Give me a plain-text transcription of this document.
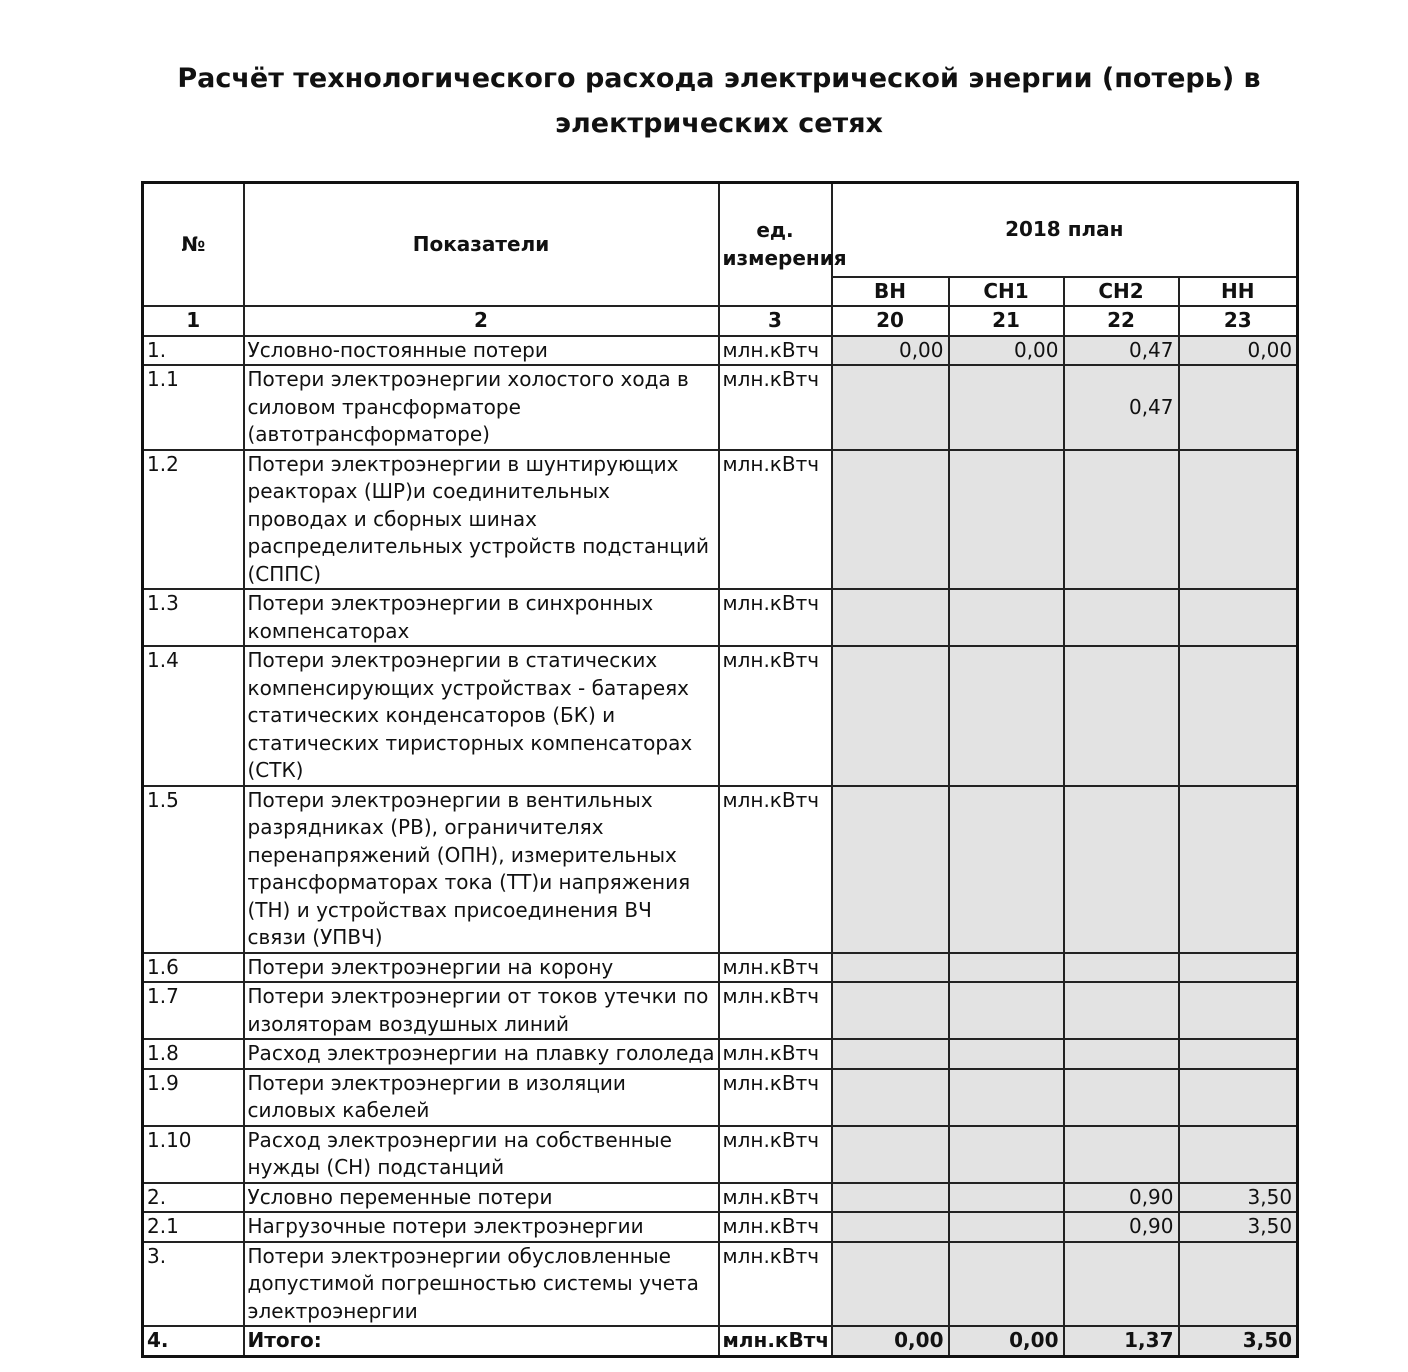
Расчёт технологического расхода электрической энергии (потерь) в
электрических сетях
№	Показатели	ед. измерения	2018 план			
			ВН	СН1	СН2	НН
1	2	3	20	21	22	23
1.	Условно-постоянные потери	млн.кВтч	0,00	0,00	0,47	0,00
1.1	Потери электроэнергии холостого хода в силовом трансформаторе (автотрансформаторе)	млн.кВтч			0,47	
1.2	Потери электроэнергии в шунтирующих реакторах (ШР)и соединительных проводах и сборных шинах распределительных устройств подстанций (СППС)	млн.кВтч				
1.3	Потери электроэнергии в синхронных компенсаторах	млн.кВтч				
1.4	Потери электроэнергии в статических компенсирующих устройствах - батареях статических конденсаторов (БК) и статических тиристорных компенсаторах (СТК)	млн.кВтч				
1.5	Потери электроэнергии в вентильных разрядниках (РВ), ограничителях перенапряжений (ОПН), измерительных трансформаторах тока (ТТ)и напряжения (ТН) и устройствах присоединения ВЧ связи (УПВЧ)	млн.кВтч				
1.6	Потери электроэнергии на корону	млн.кВтч				
1.7	Потери электроэнергии от токов утечки по изоляторам воздушных линий	млн.кВтч				
1.8	Расход электроэнергии на плавку гололеда	млн.кВтч				
1.9	Потери электроэнергии в изоляции силовых кабелей	млн.кВтч				
1.10	Расход электроэнергии на собственные нужды (СН) подстанций	млн.кВтч				
2.	Условно переменные потери	млн.кВтч			0,90	3,50
2.1	Нагрузочные потери электроэнергии	млн.кВтч			0,90	3,50
3.	Потери электроэнергии обусловленные допустимой погрешностью системы учета электроэнергии	млн.кВтч				
4.	Итого:	млн.кВтч	0,00	0,00	1,37	3,50
